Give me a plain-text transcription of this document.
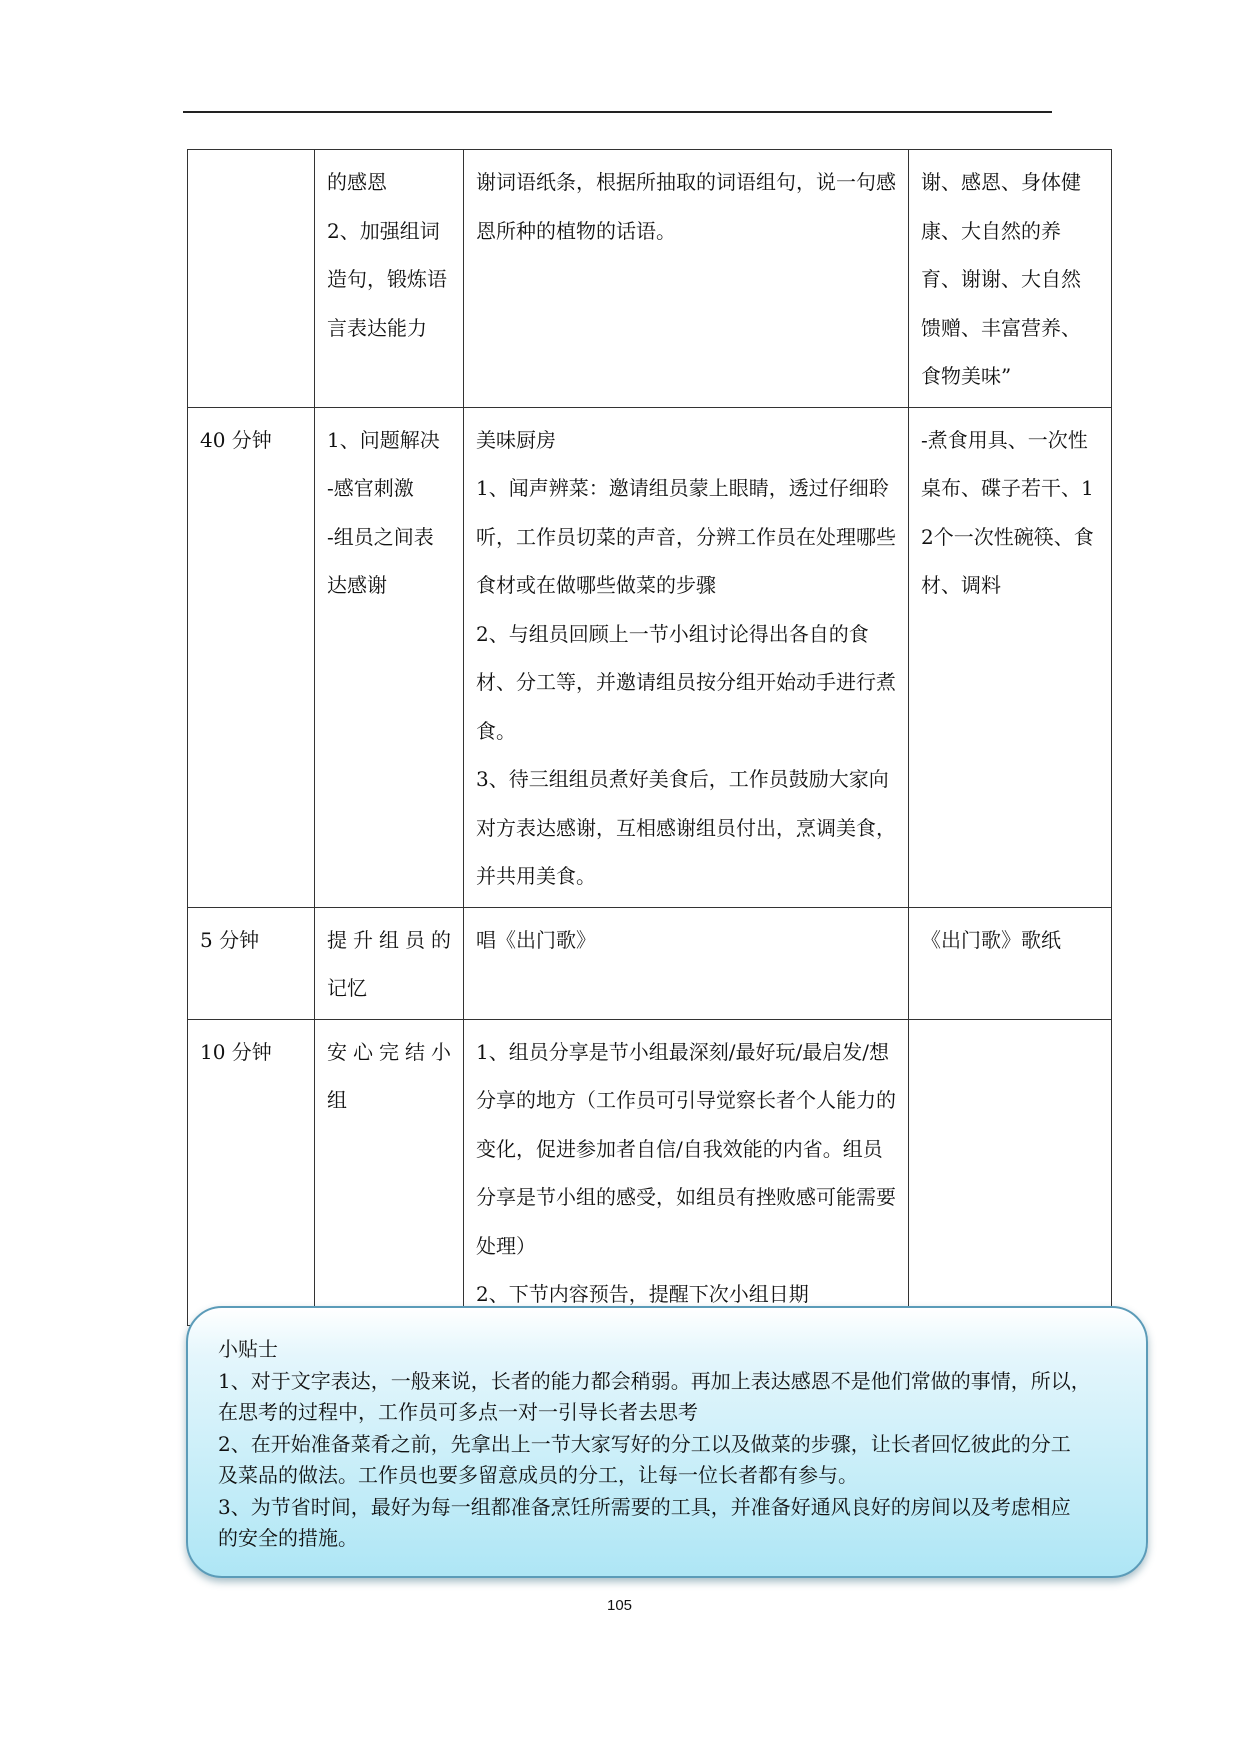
	的感恩
2、加强组词
造句，锻炼语
言表达能力	谢词语纸条，根据所抽取的词语组句，说一句感恩所种的植物的话语。	谢、感恩、身体健康、大自然的养育、谢谢、大自然馈赠、丰富营养、食物美味”

40 分钟	1、问题解决
-感官刺激
-组员之间表
达感谢	美味厨房
1、闻声辨菜：邀请组员蒙上眼睛，透过仔细聆听，工作员切菜的声音，分辨工作员在处理哪些食材或在做哪些做菜的步骤
2、与组员回顾上一节小组讨论得出各自的食材、分工等，并邀请组员按分组开始动手进行煮食。
3、待三组组员煮好美食后，工作员鼓励大家向对方表达感谢，互相感谢组员付出，烹调美食，并共用美食。	-煮食用具、一次性桌布、碟子若干、12个一次性碗筷、食材、调料

5 分钟	提升组员的
记忆	唱《出门歌》	《出门歌》歌纸

10 分钟	安心完结小
组	1、组员分享是节小组最深刻/最好玩/最启发/想分享的地方（工作员可引导觉察长者个人能力的变化，促进参加者自信/自我效能的内省。组员分享是节小组的感受，如组员有挫败感可能需要处理）
2、下节内容预告，提醒下次小组日期	

小贴士
1、对于文字表达，一般来说，长者的能力都会稍弱。再加上表达感恩不是他们常做的事情，所以，
在思考的过程中，工作员可多点一对一引导长者去思考
2、在开始准备菜肴之前，先拿出上一节大家写好的分工以及做菜的步骤，让长者回忆彼此的分工
及菜品的做法。工作员也要多留意成员的分工，让每一位长者都有参与。
3、为节省时间，最好为每一组都准备烹饪所需要的工具，并准备好通风良好的房间以及考虑相应
的安全的措施。
105
